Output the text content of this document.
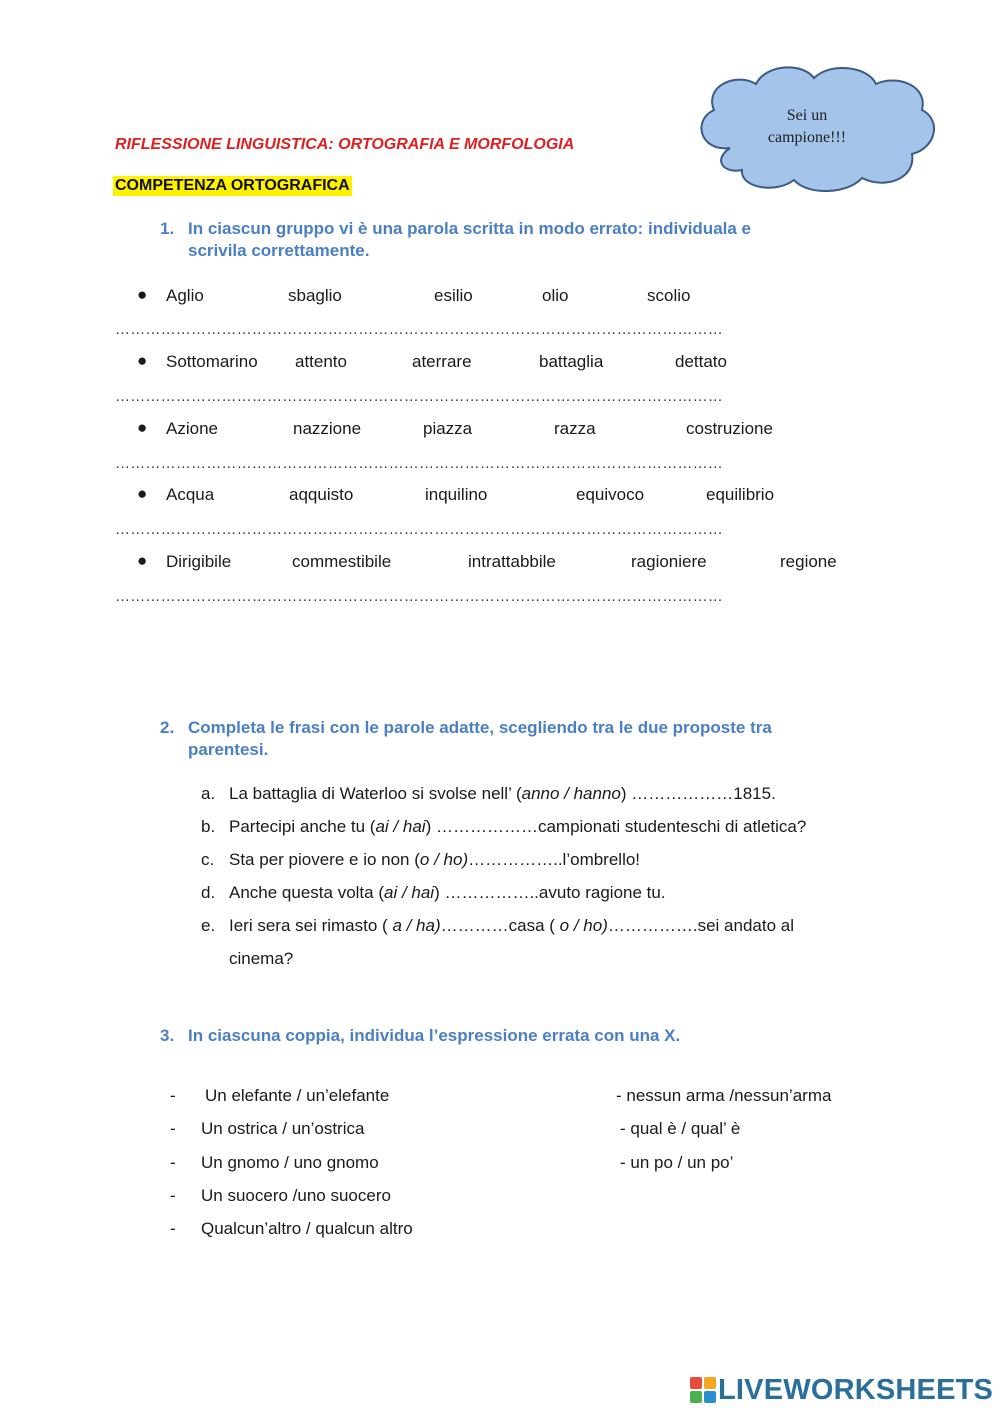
RIFLESSIONE LINGUISTICA: ORTOGRAFIA E MORFOLOGIA
COMPETENZA ORTOGRAFICA
Sei un
campione!!!
1. In ciascun gruppo vi è una parola scritta in modo errato: individuala e
scrivila correttamente.
● Aglio	sbaglio	esilio	olio	scolio
…………………………………………………………………………………………………………
● Sottomarino attento	aterrare	battaglia	dettato
…………………………………………………………………………………………………………
● Azione	nazzione	piazza	razza	costruzione
…………………………………………………………………………………………………………
● Acqua	aqquisto	inquilino	equivoco	equilibrio
…………………………………………………………………………………………………………
● Dirigibile	commestibile	intrattabbile	ragioniere	regione
…………………………………………………………………………………………………………
2. Completa le frasi con le parole adatte, scegliendo tra le due proposte tra
parentesi.
a. La battaglia di Waterloo si svolse nell’ (anno / hanno) ………………1815.
b. Partecipi anche tu (ai / hai) ………………campionati studenteschi di atletica?
c. Sta per piovere e io non (o / ho)……………..l’ombrello!
d. Anche questa volta (ai / hai) ……………..avuto ragione tu.
e. Ieri sera sei rimasto ( a / ha)…………casa ( o / ho)…………….sei andato al
cinema?
3. In ciascuna coppia, individua l’espressione errata con una X.
- Un elefante / un’elefante
- Un ostrica / un’ostrica
- Un gnomo / uno gnomo
- Un suocero /uno suocero
- Qualcun’altro / qualcun altro
- nessun arma /nessun’arma
- qual è / qual’ è
- un po / un po’
LIVEWORKSHEETS
